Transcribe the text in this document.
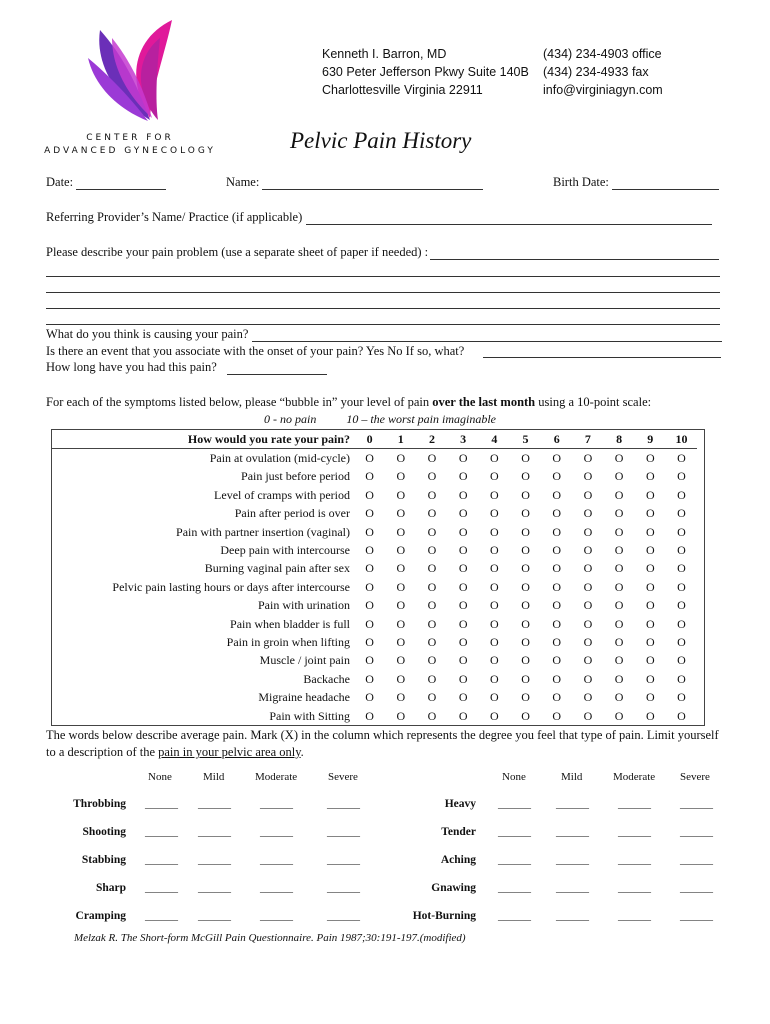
CENTER FOR
ADVANCED GYNECOLOGY
Kenneth I. Barron, MD
630 Peter Jefferson Pkwy Suite 140B
Charlottesville Virginia 22911
(434) 234-4903 office
(434) 234-4933 fax
info@virginiagyn.com
Pelvic Pain History
Date:	Name:	Birth Date:
Referring Provider’s Name/ Practice (if applicable)
Please describe your pain problem (use a separate sheet of paper if needed) :
What do you think is causing your pain?
Is there an event that you associate with the onset of your pain? Yes No If so, what?
How long have you had this pain?
For each of the symptoms listed below, please “bubble in” your level of pain over the last month using a 10-point scale:
0 - no pain	10 – the worst pain imaginable
How would you rate your pain?	0	1	2	3	4	5	6	7	8	9	10
Pain at ovulation (mid-cycle)	O	O	O	O	O	O	O	O	O	O	O
Pain just before period	O	O	O	O	O	O	O	O	O	O	O
Level of cramps with period	O	O	O	O	O	O	O	O	O	O	O
Pain after period is over	O	O	O	O	O	O	O	O	O	O	O
Pain with partner insertion (vaginal)	O	O	O	O	O	O	O	O	O	O	O
Deep pain with intercourse	O	O	O	O	O	O	O	O	O	O	O
Burning vaginal pain after sex	O	O	O	O	O	O	O	O	O	O	O
Pelvic pain lasting hours or days after intercourse	O	O	O	O	O	O	O	O	O	O	O
Pain with urination	O	O	O	O	O	O	O	O	O	O	O
Pain when bladder is full	O	O	O	O	O	O	O	O	O	O	O
Pain in groin when lifting	O	O	O	O	O	O	O	O	O	O	O
Muscle / joint pain	O	O	O	O	O	O	O	O	O	O	O
Backache	O	O	O	O	O	O	O	O	O	O	O
Migraine headache	O	O	O	O	O	O	O	O	O	O	O
Pain with Sitting	O	O	O	O	O	O	O	O	O	O	O
The words below describe average pain. Mark (X) in the column which represents the degree you feel that type of pain. Limit yourself
to a description of the pain in your pelvic area only.
None	Mild	Moderate	Severe	None	Mild	Moderate Severe
Throbbing ______ ______	______	______	Heavy ______ ______	______	______
Shooting ______ ______	______	______	Tender ______ ______	______	______
Stabbing ______ ______	______	______	Aching ______ ______	______	______
Sharp ______ ______	______	______	Gnawing ______ ______	______	______
Cramping ______ ______	______	______	Hot-Burning ______ ______	______	______
Melzak R. The Short-form McGill Pain Questionnaire. Pain 1987;30:191-197.(modified)
